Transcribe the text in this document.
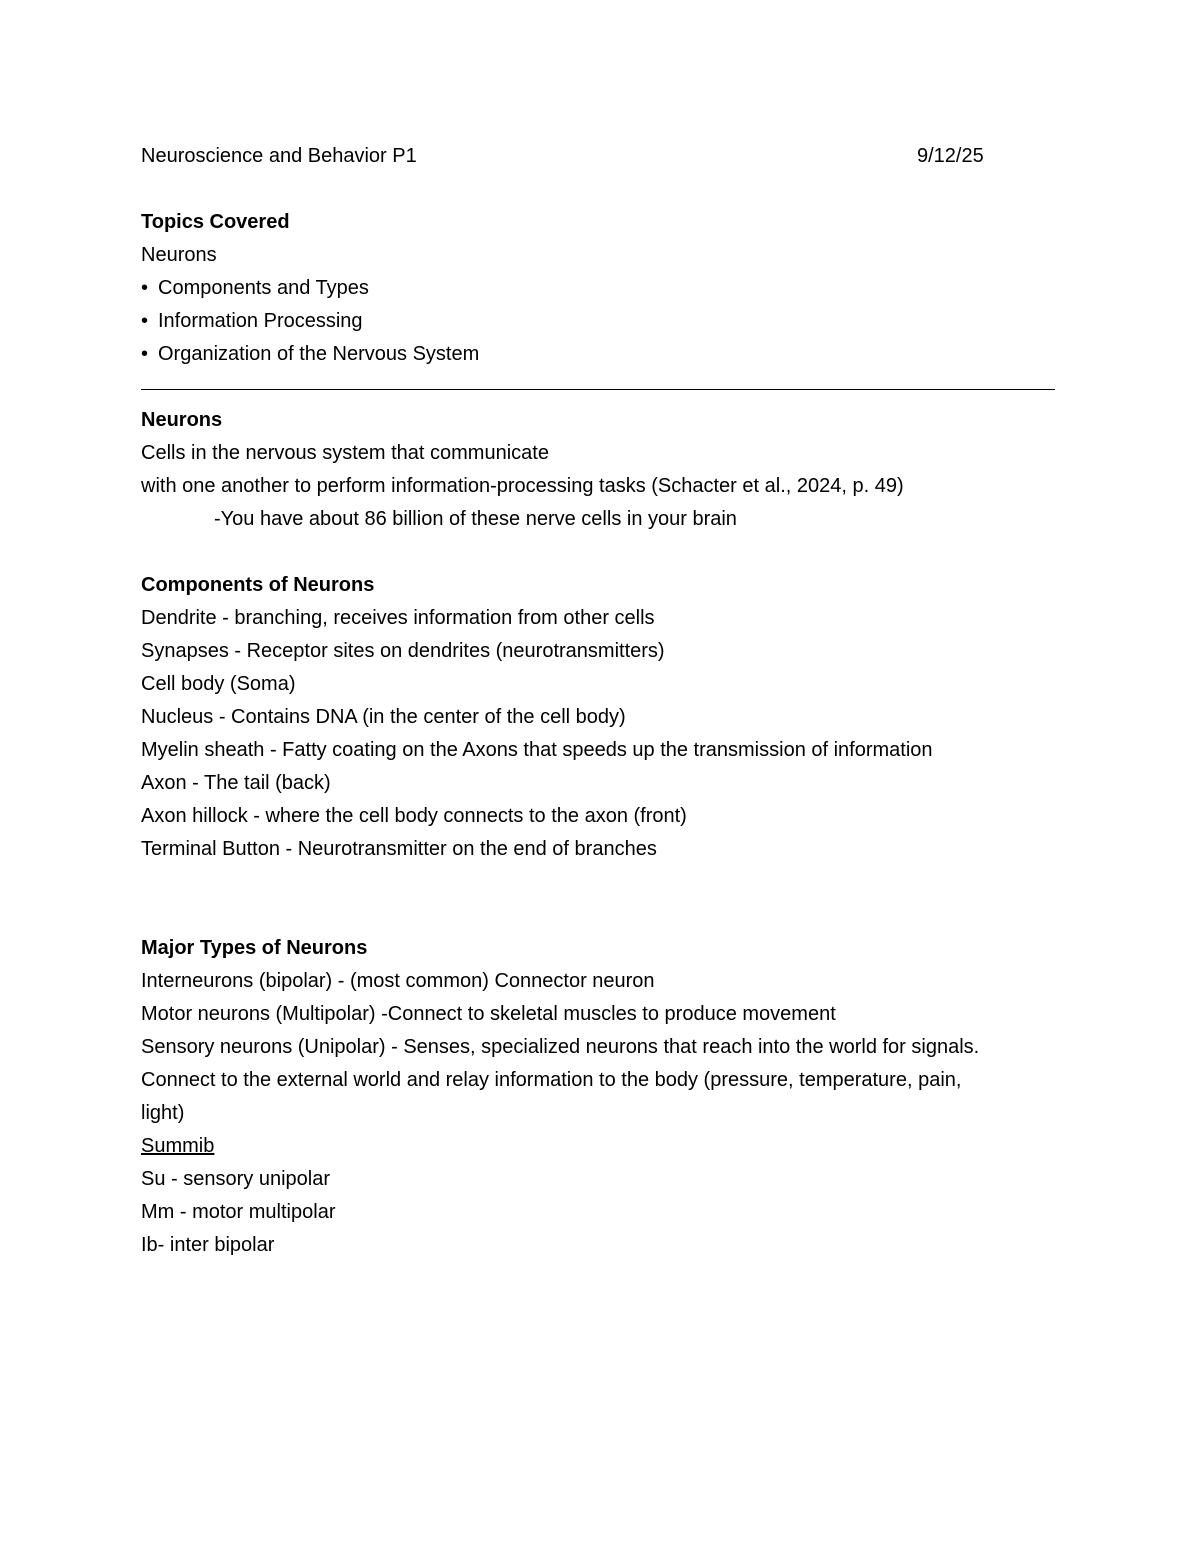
Neuroscience and Behavior P1	9/12/25
Topics Covered
Neurons
• Components and Types
• Information Processing
• Organization of the Nervous System
Neurons
Cells in the nervous system that communicate
with one another to perform information-processing tasks (Schacter et al., 2024, p. 49)
-You have about 86 billion of these nerve cells in your brain
Components of Neurons
Dendrite - branching, receives information from other cells
Synapses - Receptor sites on dendrites (neurotransmitters)
Cell body (Soma)
Nucleus - Contains DNA (in the center of the cell body)
Myelin sheath - Fatty coating on the Axons that speeds up the transmission of information
Axon - The tail (back)
Axon hillock - where the cell body connects to the axon (front)
Terminal Button - Neurotransmitter on the end of branches
Major Types of Neurons
Interneurons (bipolar) - (most common) Connector neuron
Motor neurons (Multipolar) -Connect to skeletal muscles to produce movement
Sensory neurons (Unipolar) - Senses, specialized neurons that reach into the world for signals.
Connect to the external world and relay information to the body (pressure, temperature, pain,
light)
Summib
Su - sensory unipolar
Mm - motor multipolar
Ib- inter bipolar
